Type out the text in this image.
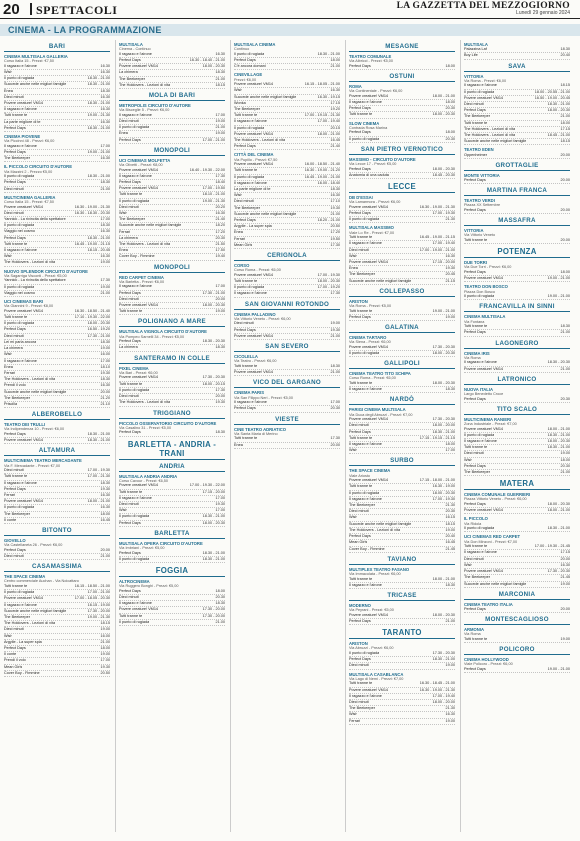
20 SPETTACOLI	LA GAZZETTA DEL MEZZOGIORNO
Lunedì 29 gennaio 2024
CINEMA - LA PROGRAMMAZIONE
BARI
CINEMA MULTISALA GALLERIA
Corso Italia 15 - Prezzi: €7,50
Il ragazzo e l'airone	16.30
Wish	16.30
Il punto di rugiada	18.30 - 21.00
Succede anche nelle migliori famiglie	18.30 - 21.00
Enea	18.30
Dieci minuti	16.30
Povere creature! VM14	18.30 - 21.00
Il ragazzo e l'airone	16.30
Tutti tranne te	19.00 - 21.30
La parte migliore di te	16.30
Perfect Days	18.30 - 21.00
CINEMA PIOVENE
Via Piccinni 48 - Prezzi: €6,00
Il ragazzo e l'airone	17.00
Perfect Days	19.00 - 21.00
The Beekeeper	16.30
IL PICCOLO CIRCUITO D'AUTORE
Via Mazzini 2 - Prezzo €5,00
Il punto di rugiada	18.30 - 21.00
Perfect Days	18.30
Dieci minuti	21.00
MULTICINEMA GALLERIA
Corso Italia 15 - Prezzi: €7,50
Povere creature! VM14	16.30 - 19.00 - 21.30
Dieci minuti	16.30 - 18.30 - 20.30
Yannick - La rivincita dello spettatore	17.00
Il punto di rugiada	18.30
Viaggio nel cosmo	16.30
Perfect Days	18.30 - 21.00
Tutti tranne te	16.45 - 19.00 - 21.15
Il ragazzo e l'airone	18.15 - 20.45
Wish	16.30
The Holdovers - Lezioni di vita	19.00
NUOVO SPLENDOR CIRCUITO D'AUTORE
Via Sagarriga Visconti - Prezzi: €5,00
Yannick - La rivincita dello spettatore	17.30
Il punto di rugiada	19.00
Viaggio nel cosmo	21.00
UCI CINEMAS BARI
Via Giannini 9 - Prezzi: €8,00
Povere creature! VM14	16.30 - 18.50 - 21.40
Tutti tranne te	17.10 - 19.30 - 22.00
Il punto di rugiada	18.00 - 20.30
Perfect Days	16.50 - 19.20
Dieci minuti	17.30 - 21.00
Lei mi parla ancora	18.30
La chimera	19.00
Wish	16.00
Il ragazzo e l'airone	17.00
Enea	18.10
Ferrari	19.30
The Holdovers - Lezioni di vita	18.30
Prendi il volo	16.30
Succede anche nelle migliori famiglie	20.00
The Beekeeper	21.20
Priscilla	21.10
ALBEROBELLO
TEATRO DEI TRULLI
Via Indipendenza 10 - Prezzi: €6,00
Perfect Days	18.30 - 21.00
Povere creature! VM14	18.30 - 21.00
ALTAMURA
MULTICINEMA TEATRO MERCADANTE
Via F. Mercadante - Prezzi: €7,00
Dieci minuti	17.00 - 19.30
Tutti tranne te	17.00 - 21.30
Il ragazzo e l'airone	18.30
Perfect Days	19.30
Ferrari	16.30
Povere creature! VM14	18.00 - 21.00
Il punto di rugiada	16.30
The Beekeeper	18.00
Il conte	16.45
BITONTO
GIOVELLO
Via Castellaneta 26 - Prezzi: €6,00
Perfect Days	20.00
Dieci minuti	21.00
CASAMASSIMA
THE SPACE CINEMA
Centro commerciale Auchan - Via Noicattaro
Tutti tranne te	16.15 - 18.50 - 21.00
Il punto di rugiada	17.00 - 21.00
Povere creature! VM14	17.00 - 18.05 - 20.30
Il ragazzo e l'airone	16.15 - 19.00
Succede anche nelle migliori famiglie	17.30 - 20.00
The Beekeeper	19.00 - 21.30
The Holdovers - Lezioni di vita	18.15
Dieci minuti	19.00
Wish	16.00
Argylle - La super spia	21.00
Perfect Days	18.00
Il conte	19.00
Prendi il volo	17.00
Mean Girls	19.30
Cover Boy - Fimmine	20.50
MULTISALA
Cinema - Continuo
Il ragazzo e l'airone	16.30
Perfect Days	16.30 - 18.40 - 21.00
Povere creature! VM14	18.00 - 20.30
La chimera	18.30
The Beekeeper	21.00
The Holdovers - Lezioni di vita	18.15
MOLA DI BARI
METROPOLIS CIRCUITO D'AUTORE
Via Bisceglie 5 - Prezzi: €6,00
Il ragazzo e l'airone	17.00
Dieci minuti	19.00
Il punto di rugiada	21.00
Enea	19.00
Perfect Days	17.00 - 21.00
MONOPOLI
UCI CINEMAS MOLFETTA
Via Olivetti - Prezzi: €8,00
Povere creature! VM14	16.40 - 19.30 - 22.00
Il ragazzo e l'airone	17.30
Perfect Days	18.40
Povere creature! VM14	17.00 - 19.50
Tutti tranne te	18.10 - 21.00
Il punto di rugiada	19.00 - 21.30
Dieci minuti	20.20
Wish	16.30
The Beekeeper	21.40
Succede anche nelle migliori famiglie	18.20
Ferrari	17.20
La chimera	20.30
The Holdovers - Lezioni di vita	21.50
Enea	17.50
Cover Boy - Fimmine	19.40
MONOPOLI
RED CARPET CINEMA
Via Barletta - Prezzi: €6,00
Il ragazzo e l'airone	17.00
Perfect Days	17.30 - 21.00
Dieci minuti	20.00
Povere creature! VM14	18.00 - 20.30
Tutti tranne te	19.00
POLIGNANO A MARE
MULTISALA VIGNOLA CIRCUITO D'AUTORE
Via Pompeo Sarnelli 34 - Prezzi: €5,00
Perfect Days	18.30 - 20.30
La chimera	18.30
SANTERAMO IN COLLE
PIXEL CINEMA
Via Bari - Prezzi: €6,00
Povere creature! VM14	17.30 - 20.30
Tutti tranne te	18.00 - 20.15
Il punto di rugiada	17.30
Dieci minuti	20.00
The Holdovers - Lezioni di vita	19.30
TRIGGIANO
PICCOLO OSSERVATORIO CIRCUITO D'AUTORE
Via Casalino 31 - Prezzi: €5,00
Perfect Days	18.30
BARLETTA - ANDRIA - TRANI
ANDRIA
MULTISALA ANDRIA ANDRIA
Corso Cavour - Prezzi: €6,50
Povere creature! VM14	17.00 - 19.30 - 22.00
Tutti tranne te	17.15 - 20.00
Il ragazzo e l'airone	17.00
Dieci minuti	19.30
Wish	17.00
Il punto di rugiada	18.30 - 21.00
Perfect Days	18.00 - 20.30
BARLETTA
MULTISALA OPERA CIRCUITO D'AUTORE
Via Imbriani - Prezzi: €5,00
Perfect Days	18.30 - 21.00
Il punto di rugiada	18.30 - 21.00
FOGGIA
ALTROCINEMA
Via Ruggero Bonghi - Prezzi: €5,00
Perfect Days	18.00
Dieci minuti	20.30
Il ragazzo e l'airone	18.30
Povere creature! VM14	17.30 - 20.00
Tutti tranne te	17.30 - 20.00
Il punto di rugiada	21.00
MULTISALA CINEMA
Continuo
Il punto di rugiada	18.30 - 21.00
Perfect Days	18.00
C'è ancora domani	21.00
CINEVILLAGE
Prezzi: €6,00
Povere creature! VM14	16.15 - 18.05 - 21.00
Wish	16.30
Succede anche nelle migliori famiglie	16.30 - 19.15
Wonka	17.15
The Beekeeper	19.20
Tutti tranne te	17.00 - 19.15 - 21.30
Il ragazzo e l'airone	17.00 - 19.40
Il punto di rugiada	20.15
Povere creature! VM14	18.00 - 21.00
The Holdovers - Lezioni di vita	16.45
Perfect Days	21.40
CITTÀ DEL CINEMA
Via Pupillo - Prezzi: €7,50
Povere creature! VM14	16.00 - 18.50 - 21.40
Tutti tranne te	16.30 - 19.00 - 21.20
Il punto di rugiada	16.45 - 19.00 - 21.00
Il ragazzo e l'airone	16.00 - 18.40
La parte migliore di te	18.30
Wish	16.30
Dieci minuti	17.10
The Beekeeper	19.30
Succede anche nelle migliori famiglie	21.00
Perfect Days	18.20 - 21.00
Argylle - La super spia	20.50
Enea	17.20
Ferrari	19.50
Mean Girls	17.30
CERIGNOLA
CORSO
Corso Roma - Prezzi: €6,00
Povere creature! VM14	17.00 - 19.30
Tutti tranne te	18.00 - 20.30
Il punto di rugiada	17.00 - 19.20
Il ragazzo e l'airone	17.30
SAN GIOVANNI ROTONDO
CINEMA PALLADINO
Via Vittorio Veneto - Prezzi: €6,00
Dieci minuti	19.00
Perfect Days	19.30
Povere creature! VM14	21.00
SAN SEVERO
CICOLELLA
Via Teatro - Prezzi: €6,00
Tutti tranne te	18.30
Povere creature! VM14	21.00
VICO DEL GARGANO
CINEMA PARIS
Via San Filippo Neri - Prezzi: €5,00
Il ragazzo e l'airone	17.00
Perfect Days	20.30
VIESTE
CINE TEATRO ADRIATICO
Via Santa Maria di Merino
Tutti tranne te	17.30
Enea	20.00
MESAGNE
TEATRO COMUNALE
Via Albricci - Prezzi: €5,00
Perfect Days	18.00
OSTUNI
ROMA
Via Continentale - Prezzi: €6,00
Povere creature! VM14	18.00 - 21.00
Il ragazzo e l'airone	18.00
Perfect Days	20.30
Tutti tranne te	18.00 - 20.30
SLOW CINEMA
Contrada Rosa Marina
Perfect Days	18.00
Il punto di rugiada	20.30
SAN PIETRO VERNOTICO
MASSIMO - CIRCUITO D'AUTORE
Via Lecce 17 - Prezzi: €5,00
Perfect Days	18.00 - 20.30
Anatomia di una caduta	18.45 - 20.30
LECCE
DB D'ESSAI
Via Lamarmora - Prezzi: €6,00
Povere creature! VM14	16.30 - 19.00 - 21.30
Perfect Days	17.00 - 19.30
Il punto di rugiada	21.30
MULTISALA MASSIMO
Viale Lo Re - Prezzi: €7,00
Tutti tranne te	16.45 - 19.00 - 21.15
Il ragazzo e l'airone	17.00 - 19.40
Dieci minuti	17.00 - 19.00 - 21.00
Wish	16.30
Povere creature! VM14	17.15 - 20.00
Enea	19.30
The Beekeeper	20.45
Succede anche nelle migliori famiglie	21.15
COLLEPASSO
ARISTON
Via Roma - Prezzi: €5,00
Tutti tranne te	19.00 - 21.00
Perfect Days	19.00
GALATINA
CINEMA TARTARO
Via Siena - Prezzi: €6,00
Povere creature! VM14	17.30 - 20.30
Il punto di rugiada	18.00 - 20.30
GALLIPOLI
CINEMA TEATRO TITO SCHIPA
Corso Roma - Prezzi: €6,00
Tutti tranne te	18.00 - 20.30
Il ragazzo e l'airone	18.30
NARDÒ
PARIGI CINEMA MULTISALA
Via Duca degli Abruzzi - Prezzi: €7,00
Povere creature! VM14	17.30 - 20.30
Dieci minuti	18.00 - 20.00
Perfect Days	18.30 - 21.00
Tutti tranne te	17.15 - 19.15 - 21.15
Il ragazzo e l'airone	18.00
Wish	17.00
SURBO
THE SPACE CINEMA
Viale Ariosto
Povere creature! VM14	17.15 - 18.00 - 21.00
Tutti tranne te	16.30 - 19.00
Il punto di rugiada	18.00 - 20.30
Il ragazzo e l'airone	17.00 - 19.30
The Beekeeper	21.30
Dieci minuti	20.30
Wish	16.15
Succede anche nelle migliori famiglie	18.15
The Holdovers - Lezioni di vita	19.00
Perfect Days	20.40
Mean Girls	16.45
Cover Boy - Fimmine	21.45
TAVIANO
MULTIPLEX TEATRO FASANO
Via Immacolata - Prezzi: €6,00
Tutti tranne te	18.00 - 21.00
Il ragazzo e l'airone	18.30
TRICASE
MODERNO
Via Peyrani - Prezzi: €5,00
Povere creature! VM14	18.00 - 20.30
Perfect Days	21.00
TARANTO
ARISTON
Via Abruzzi - Prezzi: €6,00
Il punto di rugiada	17.30 - 20.30
Perfect Days	18.30 - 21.00
Dieci minuti	19.00
MULTISALA CASABLANCA
Via Lago di Nemi - Prezzi: €7,00
Tutti tranne te	16.30 - 18.45 - 21.00
Povere creature! VM14	16.30 - 19.00 - 21.30
Il ragazzo e l'airone	17.00 - 19.40
Dieci minuti	18.00 - 20.00
The Beekeeper	21.30
Wish	16.30
Ferrari	19.00
MULTISALA
Palazzina Laf	18.30
Boy Life	20.40
SAVA
VITTORIA
Via Roma - Prezzi: €6,00
Il ragazzo e l'airone	18.15
Il punto di rugiada	18.00 - 20.55 - 21.00
Povere creature! VM14	16.50 - 19.00 - 20.45
Dieci minuti	18.30 - 21.00
Perfect Days	18.00 - 20.30
The Beekeeper	21.00
Tutti tranne te	18.00
The Holdovers - Lezioni di vita	17.15
The Holdovers - Lezioni di vita	18.45 - 21.00
Succede anche nelle migliori famiglie	18.15
TEATRO EDEN
Oppenheimer	20.00
GROTTAGLIE
MONTE VITTORIA
Perfect Days	20.00
MARTINA FRANCA
TEATRO VERDI
Piazza XX Settembre
Perfect Days	20.00
MASSAFRA
VITTORIA
Via Vittorio Veneto
Tutti tranne te	20.00
POTENZA
DUE TORRI
Via Due Torri - Prezzi: €6,00
Perfect Days	18.00
Povere creature! VM14	19.00 - 21.00
TEATRO DON BOSCO
Piazza Don Bosco
Il punto di rugiada	19.00 - 21.00
FRANCAVILLA IN SINNI
CINEMA MULTISALA
Via Fontana
Tutti tranne te	18.30
Perfect Days	21.00
LAGONEGRO
CINEMA IRIS
Via Roma
Il ragazzo e l'airone	18.30 - 20.30
Povere creature! VM14	21.00
LATRONICO
NUOVA ITALIA
Largo Benedetto Croce
Perfect Days	20.30
TITO SCALO
MULTICINEMA RANIERI
Zona Industriale - Prezzi: €7,00
Povere creature! VM14	18.00 - 21.00
Il punto di rugiada	18.30 - 21.00
Il ragazzo e l'airone	18.00 - 20.30
Tutti tranne te	18.30 - 21.00
Dieci minuti	19.00
Wish	18.00
Perfect Days	20.30
The Beekeeper	21.00
MATERA
CINEMA COMUNALE GUERRIERI
Piazza Vittorio Veneto - Prezzi: €6,00
Perfect Days	18.00 - 20.30
Povere creature! VM14	18.00 - 21.00
IL PICCOLO
Via Ridola
Il punto di rugiada	18.30 - 21.00
UCI CINEMAS RED CARPET
Via Don Minzoni - Prezzi: €7,00
Tutti tranne te	17.00 - 19.30 - 21.45
Il ragazzo e l'airone	17.15
Dieci minuti	20.00
Wish	16.30
Povere creature! VM14	17.30 - 20.30
The Beekeeper	21.45
Succede anche nelle migliori famiglie	19.00
MARCONIA
CINEMA TEATRO ITALIA
Perfect Days	20.00
MONTESCAGLIOSO
ARMONIA
Via Roma
Tutti tranne te	19.00
POLICORO
CINEMA HOLLYWOOD
Viale Policoro - Prezzi: €6,00
Perfect Days	19.00 - 21.00
